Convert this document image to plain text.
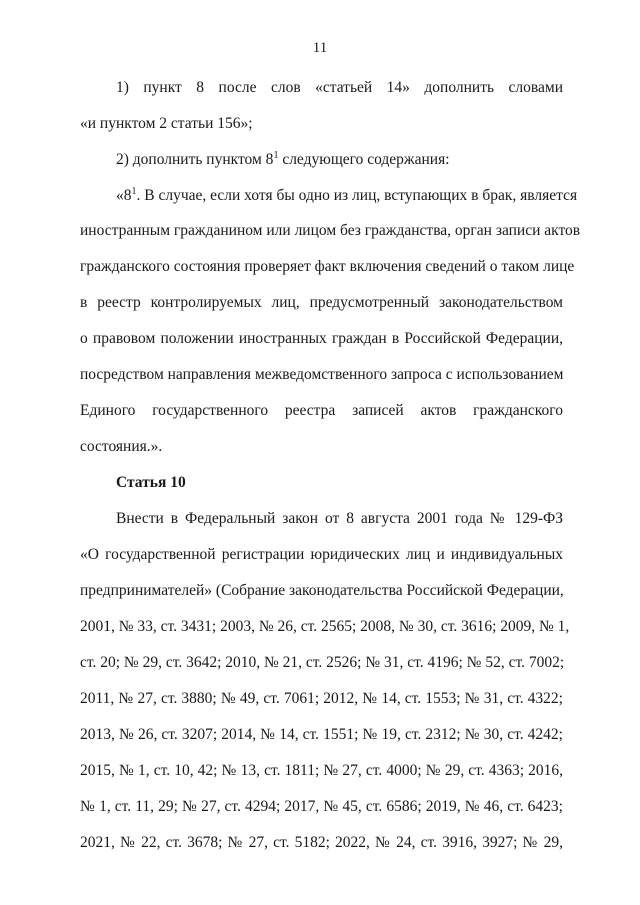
11
1) пункт 8 после слов «статьей 14» дополнить словами
«и пунктом 2 статьи 156»;
2) дополнить пунктом $8^1$ следующего содержания:
«$8^1$. В случае, если хотя бы одно из лиц, вступающих в брак, является
иностранным гражданином или лицом без гражданства, орган записи актов
гражданского состояния проверяет факт включения сведений о таком лице
в реестр контролируемых лиц, предусмотренный законодательством
о правовом положении иностранных граждан в Российской Федерации,
посредством направления межведомственного запроса с использованием
Единого государственного реестра записей актов гражданского
состояния.».
Статья 10
Внести в Федеральный закон от 8 августа 2001 года № 129-ФЗ
«О государственной регистрации юридических лиц и индивидуальных
предпринимателей» (Собрание законодательства Российской Федерации,
2001, № 33, ст. 3431; 2003, № 26, ст. 2565; 2008, № 30, ст. 3616; 2009, № 1,
ст. 20; № 29, ст. 3642; 2010, № 21, ст. 2526; № 31, ст. 4196; № 52, ст. 7002;
2011, № 27, ст. 3880; № 49, ст. 7061; 2012, № 14, ст. 1553; № 31, ст. 4322;
2013, № 26, ст. 3207; 2014, № 14, ст. 1551; № 19, ст. 2312; № 30, ст. 4242;
2015, № 1, ст. 10, 42; № 13, ст. 1811; № 27, ст. 4000; № 29, ст. 4363; 2016,
№ 1, ст. 11, 29; № 27, ст. 4294; 2017, № 45, ст. 6586; 2019, № 46, ст. 6423;
2021, № 22, ст. 3678; № 27, ст. 5182; 2022, № 24, ст. 3916, 3927; № 29,
